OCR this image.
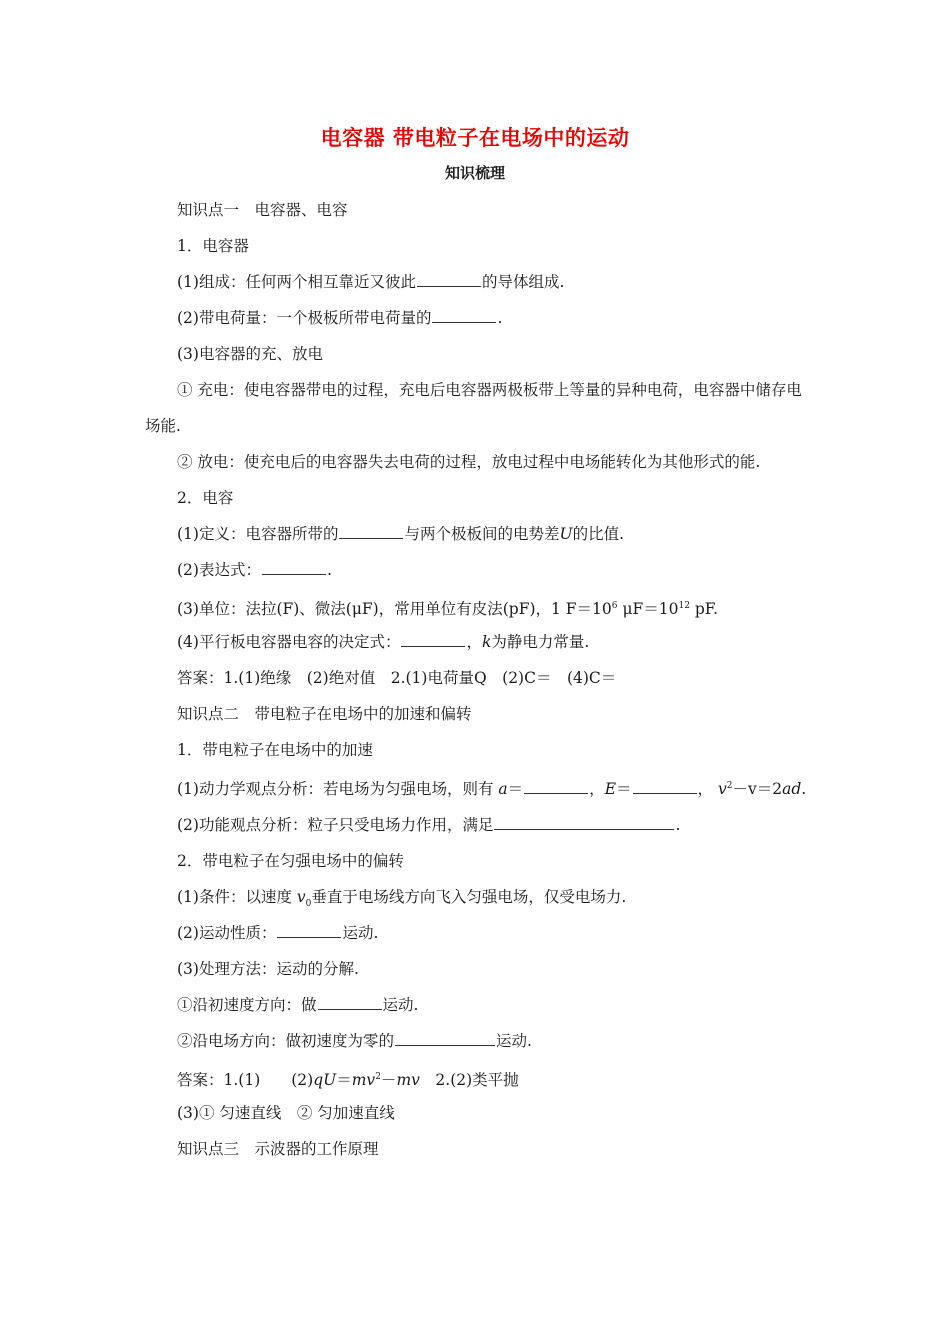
电容器 带电粒子在电场中的运动
知识梳理
知识点一　电容器、电容
1．电容器
(1)组成：任何两个相互靠近又彼此	的导体组成.
(2)带电荷量：一个极板所带电荷量的	.
(3)电容器的充、放电
① 充电：使电容器带电的过程，充电后电容器两极板带上等量的异种电荷，电容器中储存电场能.
② 放电：使充电后的电容器失去电荷的过程，放电过程中电场能转化为其他形式的能.
2．电容
(1)定义：电容器所带的	与两个极板间的电势差U的比值.
(2)表达式：	.
(3)单位：法拉(F)、微法(μF)，常用单位有皮法(pF)，1 $F=10^6$ $\mu F=10^{12}$ pF.
(4)平行板电容器电容的决定式：	，k为静电力常量.
答案：1.(1)绝缘　(2)绝对值　2.(1)电荷量Q　(2)C＝　(4)C＝
知识点二　带电粒子在电场中的加速和偏转
1．带电粒子在电场中的加速
(1)动力学观点分析：若电场为匀强电场，则有 a＝	，E＝	， $v^2-v=2ad$.
(2)功能观点分析：粒子只受电场力作用，满足	.
2．带电粒子在匀强电场中的偏转
(1)条件：以速度 $v_0$垂直于电场线方向飞入匀强电场，仅受电场力.
(2)运动性质：	运动.
(3)处理方法：运动的分解.
①沿初速度方向：做	运动.
②沿电场方向：做初速度为零的	运动.
答案：1.(1)　　$(2)qU=mv^2-mv$　2.(2)类平抛
(3)① 匀速直线　② 匀加速直线
知识点三　示波器的工作原理
